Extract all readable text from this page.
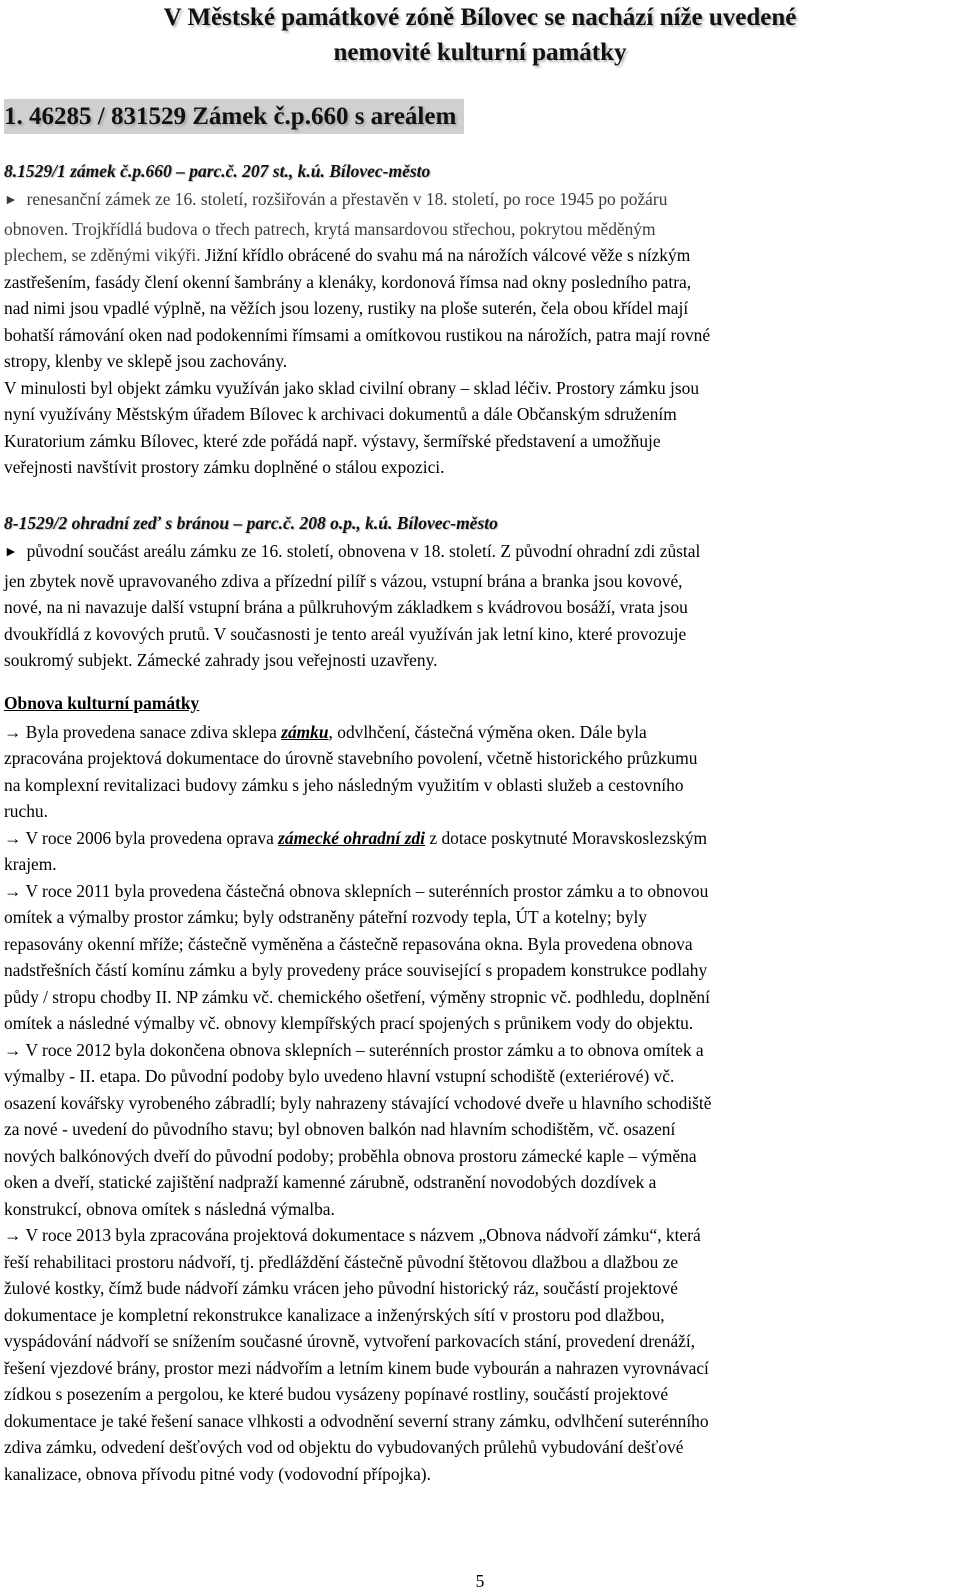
V Městské památkové zóně Bílovec se nachází níže uvedené
nemovité kulturní památky
1. 46285 / 831529 Zámek č.p.660 s areálem

8.1529/1 zámek č.p.660 – parc.č. 207 st., k.ú. Bílovec-město

► renesanční zámek ze 16. století, rozšiřován a přestavěn v 18. století, po roce 1945 po požáru

obnoven. Trojkřídlá budova o třech patrech, krytá mansardovou střechou, pokrytou měděným

plechem, se zděnými vikýři. Jižní křídlo obrácené do svahu má na nárožích válcové věže s nízkým

zastřešením, fasády člení okenní šambrány a klenáky, kordonová římsa nad okny posledního patra,

nad nimi jsou vpadlé výplně, na věžích jsou lozeny, rustiky na ploše suterén, čela obou křídel mají

bohatší rámování oken nad podokenními římsami a omítkovou rustikou na nárožích, patra mají rovné

stropy, klenby ve sklepě jsou zachovány.

V minulosti byl objekt zámku využíván jako sklad civilní obrany – sklad léčiv. Prostory zámku jsou

nyní využívány Městským úřadem Bílovec k archivaci dokumentů a dále Občanským sdružením

Kuratorium zámku Bílovec, které zde pořádá např. výstavy, šermířské představení a umožňuje

veřejnosti navštívit prostory zámku doplněné o stálou expozici.

8-1529/2 ohradní zeď s bránou – parc.č. 208 o.p., k.ú. Bílovec-město

► původní součást areálu zámku ze 16. století, obnovena v 18. století. Z původní ohradní zdi zůstal

jen zbytek nově upravovaného zdiva a přízední pilíř s vázou, vstupní brána a branka jsou kovové,

nové, na ni navazuje další vstupní brána a půlkruhovým základkem s kvádrovou bosáží, vrata jsou

dvoukřídlá z kovových prutů. V současnosti je tento areál využíván jak letní kino, které provozuje

soukromý subjekt. Zámecké zahrady jsou veřejnosti uzavřeny.

Obnova kulturní památky

→ Byla provedena sanace zdiva sklepa zámku, odvlhčení, částečná výměna oken. Dále byla

zpracována projektová dokumentace do úrovně stavebního povolení, včetně historického průzkumu

na komplexní revitalizaci budovy zámku s jeho následným využitím v oblasti služeb a cestovního

ruchu.

→ V roce 2006 byla provedena oprava zámecké ohradní zdi z dotace poskytnuté Moravskoslezským

krajem.

→ V roce 2011 byla provedena částečná obnova sklepních – suterénních prostor zámku a to obnovou

omítek a výmalby prostor zámku; byly odstraněny páteřní rozvody tepla, ÚT a kotelny; byly

repasovány okenní mříže; částečně vyměněna a částečně repasována okna. Byla provedena obnova

nadstřešních částí komínu zámku a byly provedeny práce související s propadem konstrukce podlahy

půdy / stropu chodby II. NP zámku vč. chemického ošetření, výměny stropnic vč. podhledu, doplnění

omítek a následné výmalby vč. obnovy klempířských prací spojených s průnikem vody do objektu.

→ V roce 2012 byla dokončena obnova sklepních – suterénních prostor zámku a to obnova omítek a

výmalby - II. etapa. Do původní podoby bylo uvedeno hlavní vstupní schodiště (exteriérové) vč.

osazení kovářsky vyrobeného zábradlí; byly nahrazeny stávající vchodové dveře u hlavního schodiště

za nové - uvedení do původního stavu; byl obnoven balkón nad hlavním schodištěm, vč. osazení

nových balkónových dveří do původní podoby; proběhla obnova prostoru zámecké kaple – výměna

oken a dveří, statické zajištění nadpraží kamenné zárubně, odstranění novodobých dozdívek a

konstrukcí, obnova omítek s následná výmalba.

→ V roce 2013 byla zpracována projektová dokumentace s názvem „Obnova nádvoří zámku“, která

řeší rehabilitaci prostoru nádvoří, tj. předláždění částečně původní štětovou dlažbou a dlažbou ze

žulové kostky, čímž bude nádvoří zámku vrácen jeho původní historický ráz, součástí projektové

dokumentace je kompletní rekonstrukce kanalizace a inženýrských sítí v prostoru pod dlažbou,

vyspádování nádvoří se snížením současné úrovně, vytvoření parkovacích stání, provedení drenáží,

řešení vjezdové brány, prostor mezi nádvořím a letním kinem bude vybourán a nahrazen vyrovnávací

zídkou s posezením a pergolou, ke které budou vysázeny popínavé rostliny, součástí projektové

dokumentace je také řešení sanace vlhkosti a odvodnění severní strany zámku, odvlhčení suterénního

zdiva zámku, odvedení dešťových vod od objektu do vybudovaných průlehů vybudování dešťové

kanalizace, obnova přívodu pitné vody (vodovodní přípojka).

5
